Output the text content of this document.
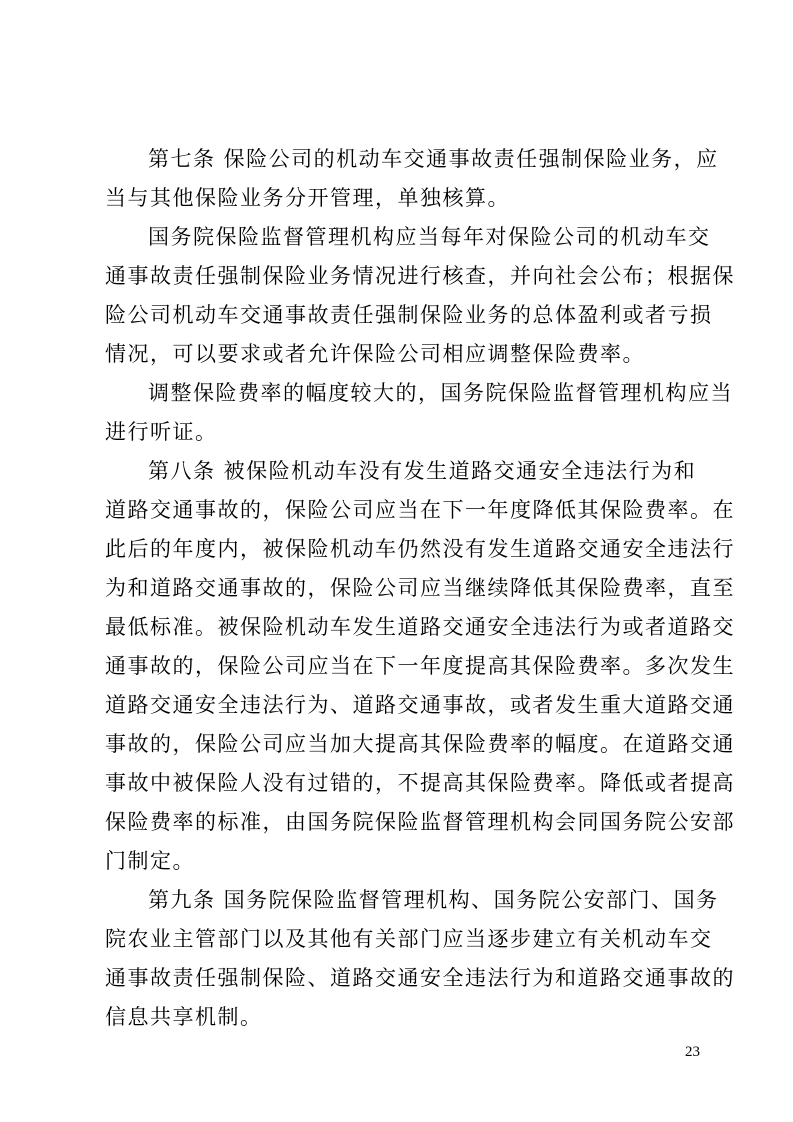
第七条 保险公司的机动车交通事故责任强制保险业务，应
当与其他保险业务分开管理，单独核算。
国务院保险监督管理机构应当每年对保险公司的机动车交
通事故责任强制保险业务情况进行核查，并向社会公布；根据保
险公司机动车交通事故责任强制保险业务的总体盈利或者亏损
情况，可以要求或者允许保险公司相应调整保险费率。
调整保险费率的幅度较大的，国务院保险监督管理机构应当
进行听证。
第八条 被保险机动车没有发生道路交通安全违法行为和
道路交通事故的，保险公司应当在下一年度降低其保险费率。在
此后的年度内，被保险机动车仍然没有发生道路交通安全违法行
为和道路交通事故的，保险公司应当继续降低其保险费率，直至
最低标准。被保险机动车发生道路交通安全违法行为或者道路交
通事故的，保险公司应当在下一年度提高其保险费率。多次发生
道路交通安全违法行为、道路交通事故，或者发生重大道路交通
事故的，保险公司应当加大提高其保险费率的幅度。在道路交通
事故中被保险人没有过错的，不提高其保险费率。降低或者提高
保险费率的标准，由国务院保险监督管理机构会同国务院公安部
门制定。
第九条 国务院保险监督管理机构、国务院公安部门、国务
院农业主管部门以及其他有关部门应当逐步建立有关机动车交
通事故责任强制保险、道路交通安全违法行为和道路交通事故的
信息共享机制。
23
